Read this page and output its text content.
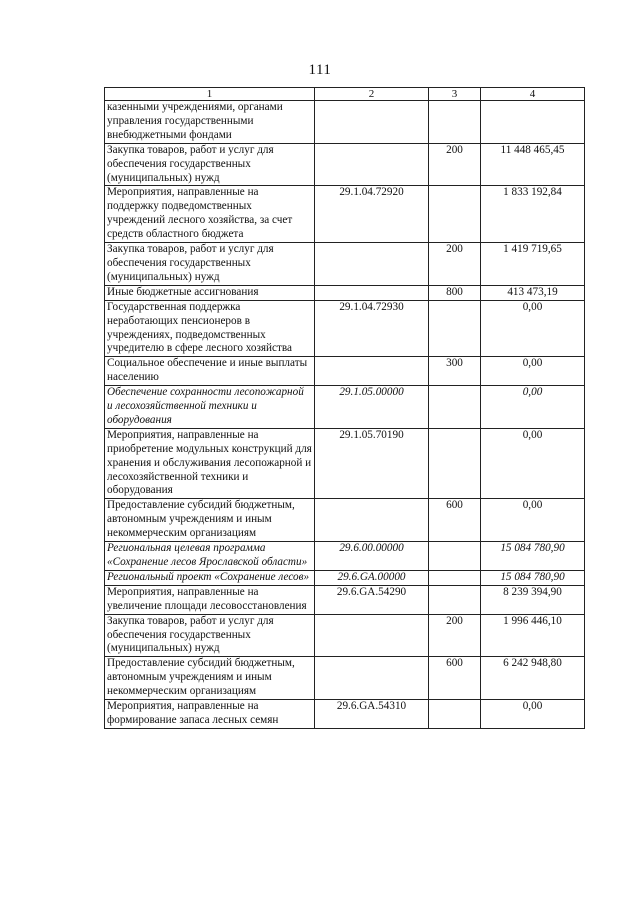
111
1	2	3	4
казенными учреждениями, органами управления государственными внебюджетными фондами			
Закупка товаров, работ и услуг для обеспечения государственных (муниципальных) нужд		200	11 448 465,45
Мероприятия, направленные на поддержку подведомственных учреждений лесного хозяйства, за счет средств областного бюджета	29.1.04.72920		1 833 192,84
Закупка товаров, работ и услуг для обеспечения государственных (муниципальных) нужд		200	1 419 719,65
Иные бюджетные ассигнования		800	413 473,19
Государственная поддержка неработающих пенсионеров в учреждениях, подведомственных учредителю в сфере лесного хозяйства	29.1.04.72930		0,00
Социальное обеспечение и иные выплаты населению		300	0,00
Обеспечение сохранности лесопожарной и лесохозяйственной техники и оборудования	29.1.05.00000		0,00
Мероприятия, направленные на приобретение модульных конструкций для хранения и обслуживания лесопожарной и лесохозяйственной техники и оборудования	29.1.05.70190		0,00
Предоставление субсидий бюджетным, автономным учреждениям и иным некоммерческим организациям		600	0,00
Региональная целевая программа «Сохранение лесов Ярославской области»	29.6.00.00000		15 084 780,90
Региональный проект «Сохранение лесов»	29.6.GA.00000		15 084 780,90
Мероприятия, направленные на увеличение площади лесовосстановления	29.6.GA.54290		8 239 394,90
Закупка товаров, работ и услуг для обеспечения государственных (муниципальных) нужд		200	1 996 446,10
Предоставление субсидий бюджетным, автономным учреждениям и иным некоммерческим организациям		600	6 242 948,80
Мероприятия, направленные на формирование запаса лесных семян	29.6.GA.54310		0,00
